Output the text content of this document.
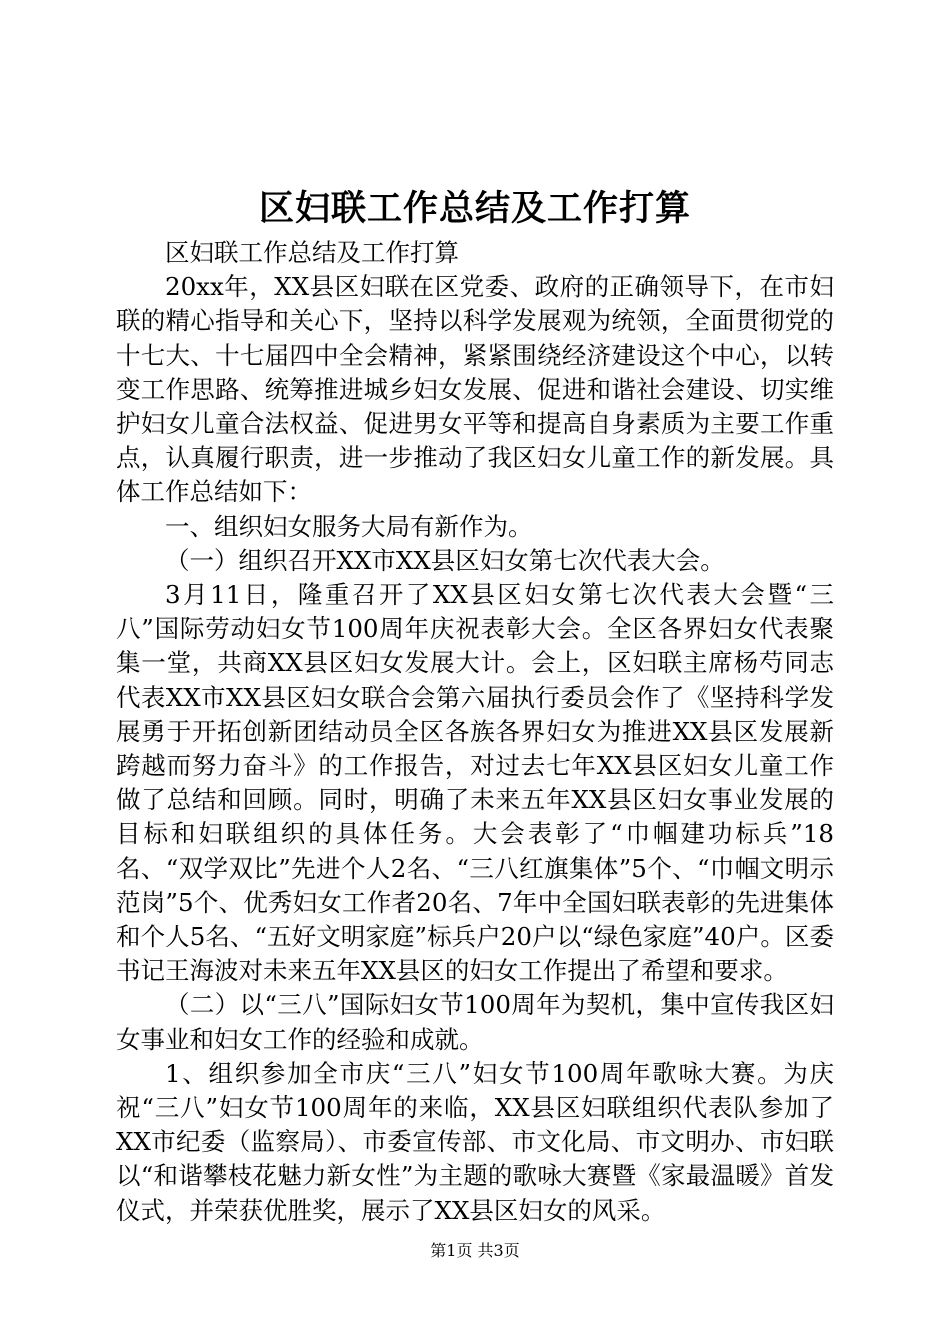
区妇联工作总结及工作打算

区妇联工作总结及工作打算

20xx年，XX县区妇联在区党委、政府的正确领导下，在市妇联的精心指导和关心下，坚持以科学发展观为统领，全面贯彻党的十七大、十七届四中全会精神，紧紧围绕经济建设这个中心，以转变工作思路、统筹推进城乡妇女发展、促进和谐社会建设、切实维护妇女儿童合法权益、促进男女平等和提高自身素质为主要工作重点，认真履行职责，进一步推动了我区妇女儿童工作的新发展。具体工作总结如下：

一、组织妇女服务大局有新作为。

（一）组织召开XX市XX县区妇女第七次代表大会。

3月11日，隆重召开了XX县区妇女第七次代表大会暨“三八”国际劳动妇女节100周年庆祝表彰大会。全区各界妇女代表聚集一堂，共商XX县区妇女发展大计。会上，区妇联主席杨芍同志代表XX市XX县区妇女联合会第六届执行委员会作了《坚持科学发展勇于开拓创新团结动员全区各族各界妇女为推进XX县区发展新跨越而努力奋斗》的工作报告，对过去七年XX县区妇女儿童工作做了总结和回顾。同时，明确了未来五年XX县区妇女事业发展的目标和妇联组织的具体任务。大会表彰了“巾帼建功标兵”18名、“双学双比”先进个人2名、“三八红旗集体”5个、“巾帼文明示范岗”5个、优秀妇女工作者20名、7年中全国妇联表彰的先进集体和个人5名、“五好文明家庭”标兵户20户以“绿色家庭”40户。区委书记王海波对未来五年XX县区的妇女工作提出了希望和要求。

（二）以“三八”国际妇女节100周年为契机，集中宣传我区妇女事业和妇女工作的经验和成就。

1、组织参加全市庆“三八”妇女节100周年歌咏大赛。为庆祝“三八”妇女节100周年的来临，XX县区妇联组织代表队参加了XX市纪委（监察局）、市委宣传部、市文化局、市文明办、市妇联以“和谐攀枝花魅力新女性”为主题的歌咏大赛暨《家最温暖》首发仪式，并荣获优胜奖，展示了XX县区妇女的风采。

第1页 共3页
